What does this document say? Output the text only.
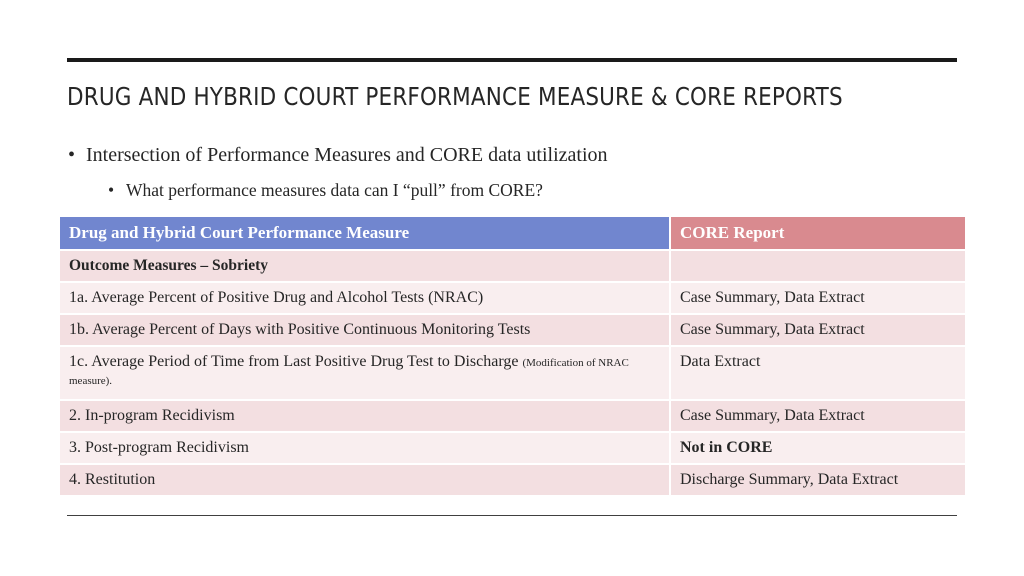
DRUG AND HYBRID COURT PERFORMANCE MEASURE & CORE REPORTS
• Intersection of Performance Measures and CORE data utilization
• What performance measures data can I “pull” from CORE?
Drug and Hybrid Court Performance Measure	CORE Report
Outcome Measures – Sobriety	
1a. Average Percent of Positive Drug and Alcohol Tests (NRAC)	Case Summary, Data Extract
1b. Average Percent of Days with Positive Continuous Monitoring Tests	Case Summary, Data Extract
1c. Average Period of Time from Last Positive Drug Test to Discharge (Modification of NRAC measure).	Data Extract
2. In-program Recidivism	Case Summary, Data Extract
3. Post-program Recidivism	Not in CORE
4. Restitution	Discharge Summary, Data Extract
